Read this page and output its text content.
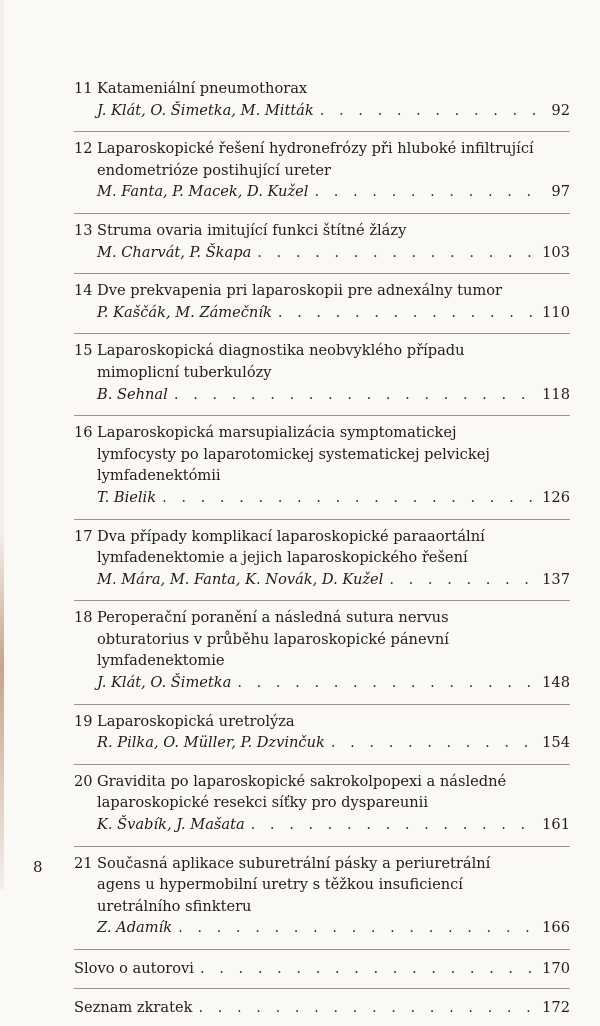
11 Katameniální pneumothorax
J. Klát, O. Šimetka, M. Mitták . . .	92
12 Laparoskopické řešení hydronefrózy při hluboké infiltrující
endometrióze postihující ureter
M. Fanta, P. Macek, D. Kužel . . .	97
13 Struma ovaria imitující funkci štítné žlázy
M. Charvát, P. Škapa . . .	103
14 Dve prekvapenia pri laparoskopii pre adnexálny tumor
P. Kaščák, M. Zámečník . . .	110
15 Laparoskopická diagnostika neobvyklého případu
mimoplicní tuberkulózy
B. Sehnal . . .	118
16 Laparoskopická marsupializácia symptomatickej
lymfocysty po laparotomickej systematickej pelvickej
lymfadenektómii
T. Bielik . . .	126
17 Dva případy komplikací laparoskopické paraaortální
lymfadenektomie a jejich laparoskopického řešení
M. Mára, M. Fanta, K. Novák, D. Kužel . . .	137
18 Peroperační poranění a následná sutura nervus
obturatorius v průběhu laparoskopické pánevní
lymfadenektomie
J. Klát, O. Šimetka . . .	148
19 Laparoskopická uretrolýza
R. Pilka, O. Müller, P. Dzvinčuk . . .	154
20 Gravidita po laparoskopické sakrokolpopexi a následné
laparoskopické resekci síťky pro dyspareunii
K. Švabík, J. Mašata . . .	161
21 Současná aplikace suburetrální pásky a periuretrální
agens u hypermobilní uretry s těžkou insuficiencí
uretrálního sfinkteru
Z. Adamík . . .	166
Slovo o autorovi . . .	170
Seznam zkratek . . .	172
8
